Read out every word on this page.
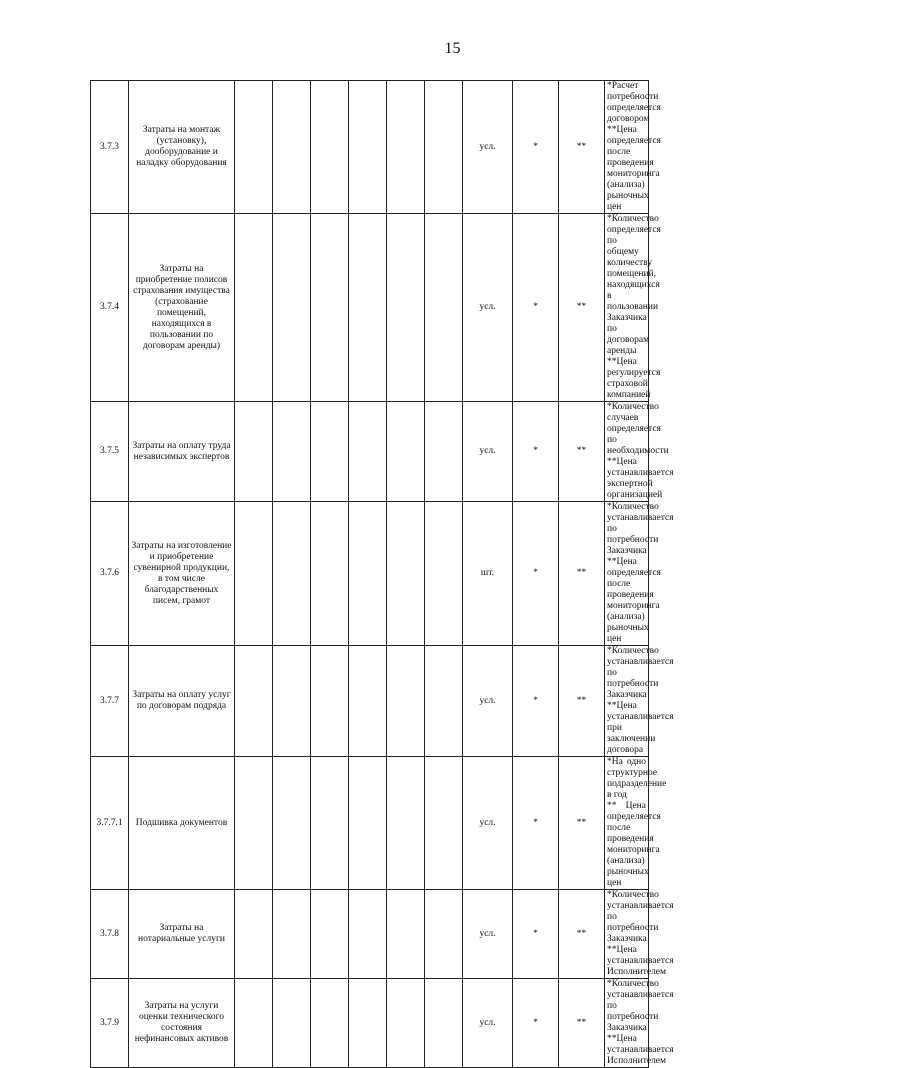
15
3.7.3	Затраты на монтаж (установку), дооборудование и наладку оборудования							усл.	*	**	*Расчет потребности определяется договором
**Цена определяется после проведения мониторинга (анализа) рыночных цен

3.7.4	Затраты на приобретение полисов страхования имущества (страхование помещений, находящихся в пользовании по договорам аренды)							усл.	*	**	*Количество определяется по общему количеству помещений, находящихся в пользовании Заказчика по договорам аренды
**Цена регулируется страховой компанией

3.7.5	Затраты на оплату труда независимых экспертов							усл.	*	**	*Количество случаев определяется по необходимости
**Цена устанавливается экспертной организацией

3.7.6	Затраты на изготовление и приобретение сувенирной продукции, в том числе благодарственных писем, грамот							шт.	*	**	*Количество устанавливается по потребности Заказчика
**Цена определяется после проведения мониторинга (анализа) рыночных цен

3.7.7	Затраты на оплату услуг по договорам подряда							усл.	*	**	*Количество устанавливается по потребности Заказчика
**Цена устанавливается при заключении договора

3.7.7.1	Подшивка документов							усл.	*	**	*На одно структурное подразделение в год
** Цена определяется после проведения мониторинга (анализа) рыночных цен

3.7.8	Затраты на нотариальные услуги							усл.	*	**	*Количество устанавливается по потребности Заказчика
**Цена устанавливается Исполнителем

3.7.9	Затраты на услуги оценки технического состояния нефинансовых активов							усл.	*	**	*Количество устанавливается по потребности Заказчика
**Цена устанавливается Исполнителем
